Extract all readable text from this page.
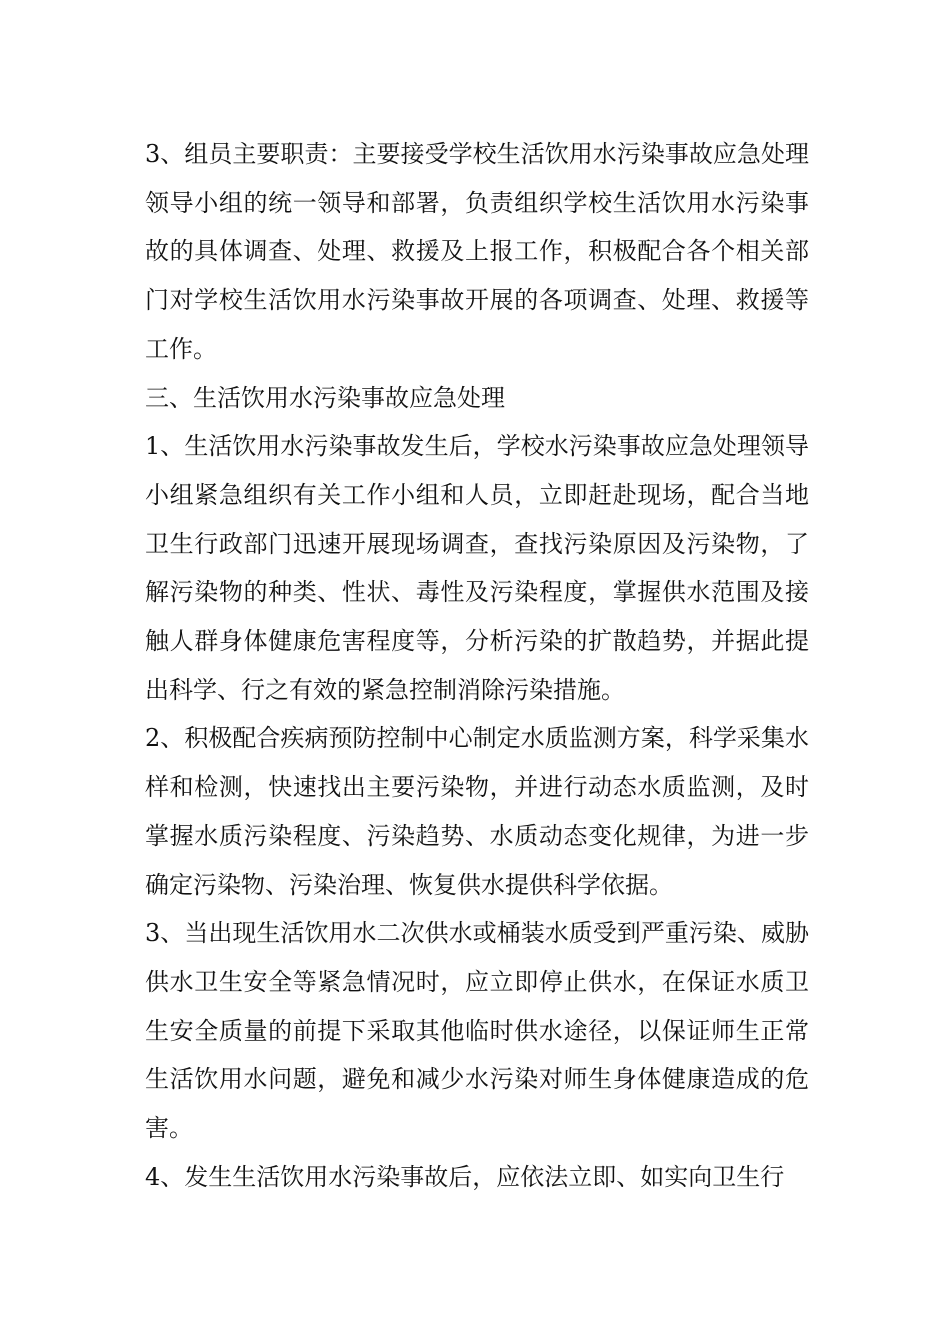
3、组员主要职责：主要接受学校生活饮用水污染事故应急处理领导小组的统一领导和部署，负责组织学校生活饮用水污染事故的具体调查、处理、救援及上报工作，积极配合各个相关部门对学校生活饮用水污染事故开展的各项调查、处理、救援等工作。

三、生活饮用水污染事故应急处理

1、生活饮用水污染事故发生后，学校水污染事故应急处理领导小组紧急组织有关工作小组和人员，立即赶赴现场，配合当地卫生行政部门迅速开展现场调查，查找污染原因及污染物，了解污染物的种类、性状、毒性及污染程度，掌握供水范围及接触人群身体健康危害程度等，分析污染的扩散趋势，并据此提出科学、行之有效的紧急控制消除污染措施。

2、积极配合疾病预防控制中心制定水质监测方案，科学采集水样和检测，快速找出主要污染物，并进行动态水质监测，及时掌握水质污染程度、污染趋势、水质动态变化规律，为进一步确定污染物、污染治理、恢复供水提供科学依据。

3、当出现生活饮用水二次供水或桶装水质受到严重污染、威胁供水卫生安全等紧急情况时，应立即停止供水，在保证水质卫生安全质量的前提下采取其他临时供水途径，以保证师生正常生活饮用水问题，避免和减少水污染对师生身体健康造成的危害。

4、发生生活饮用水污染事故后，应依法立即、如实向卫生行
